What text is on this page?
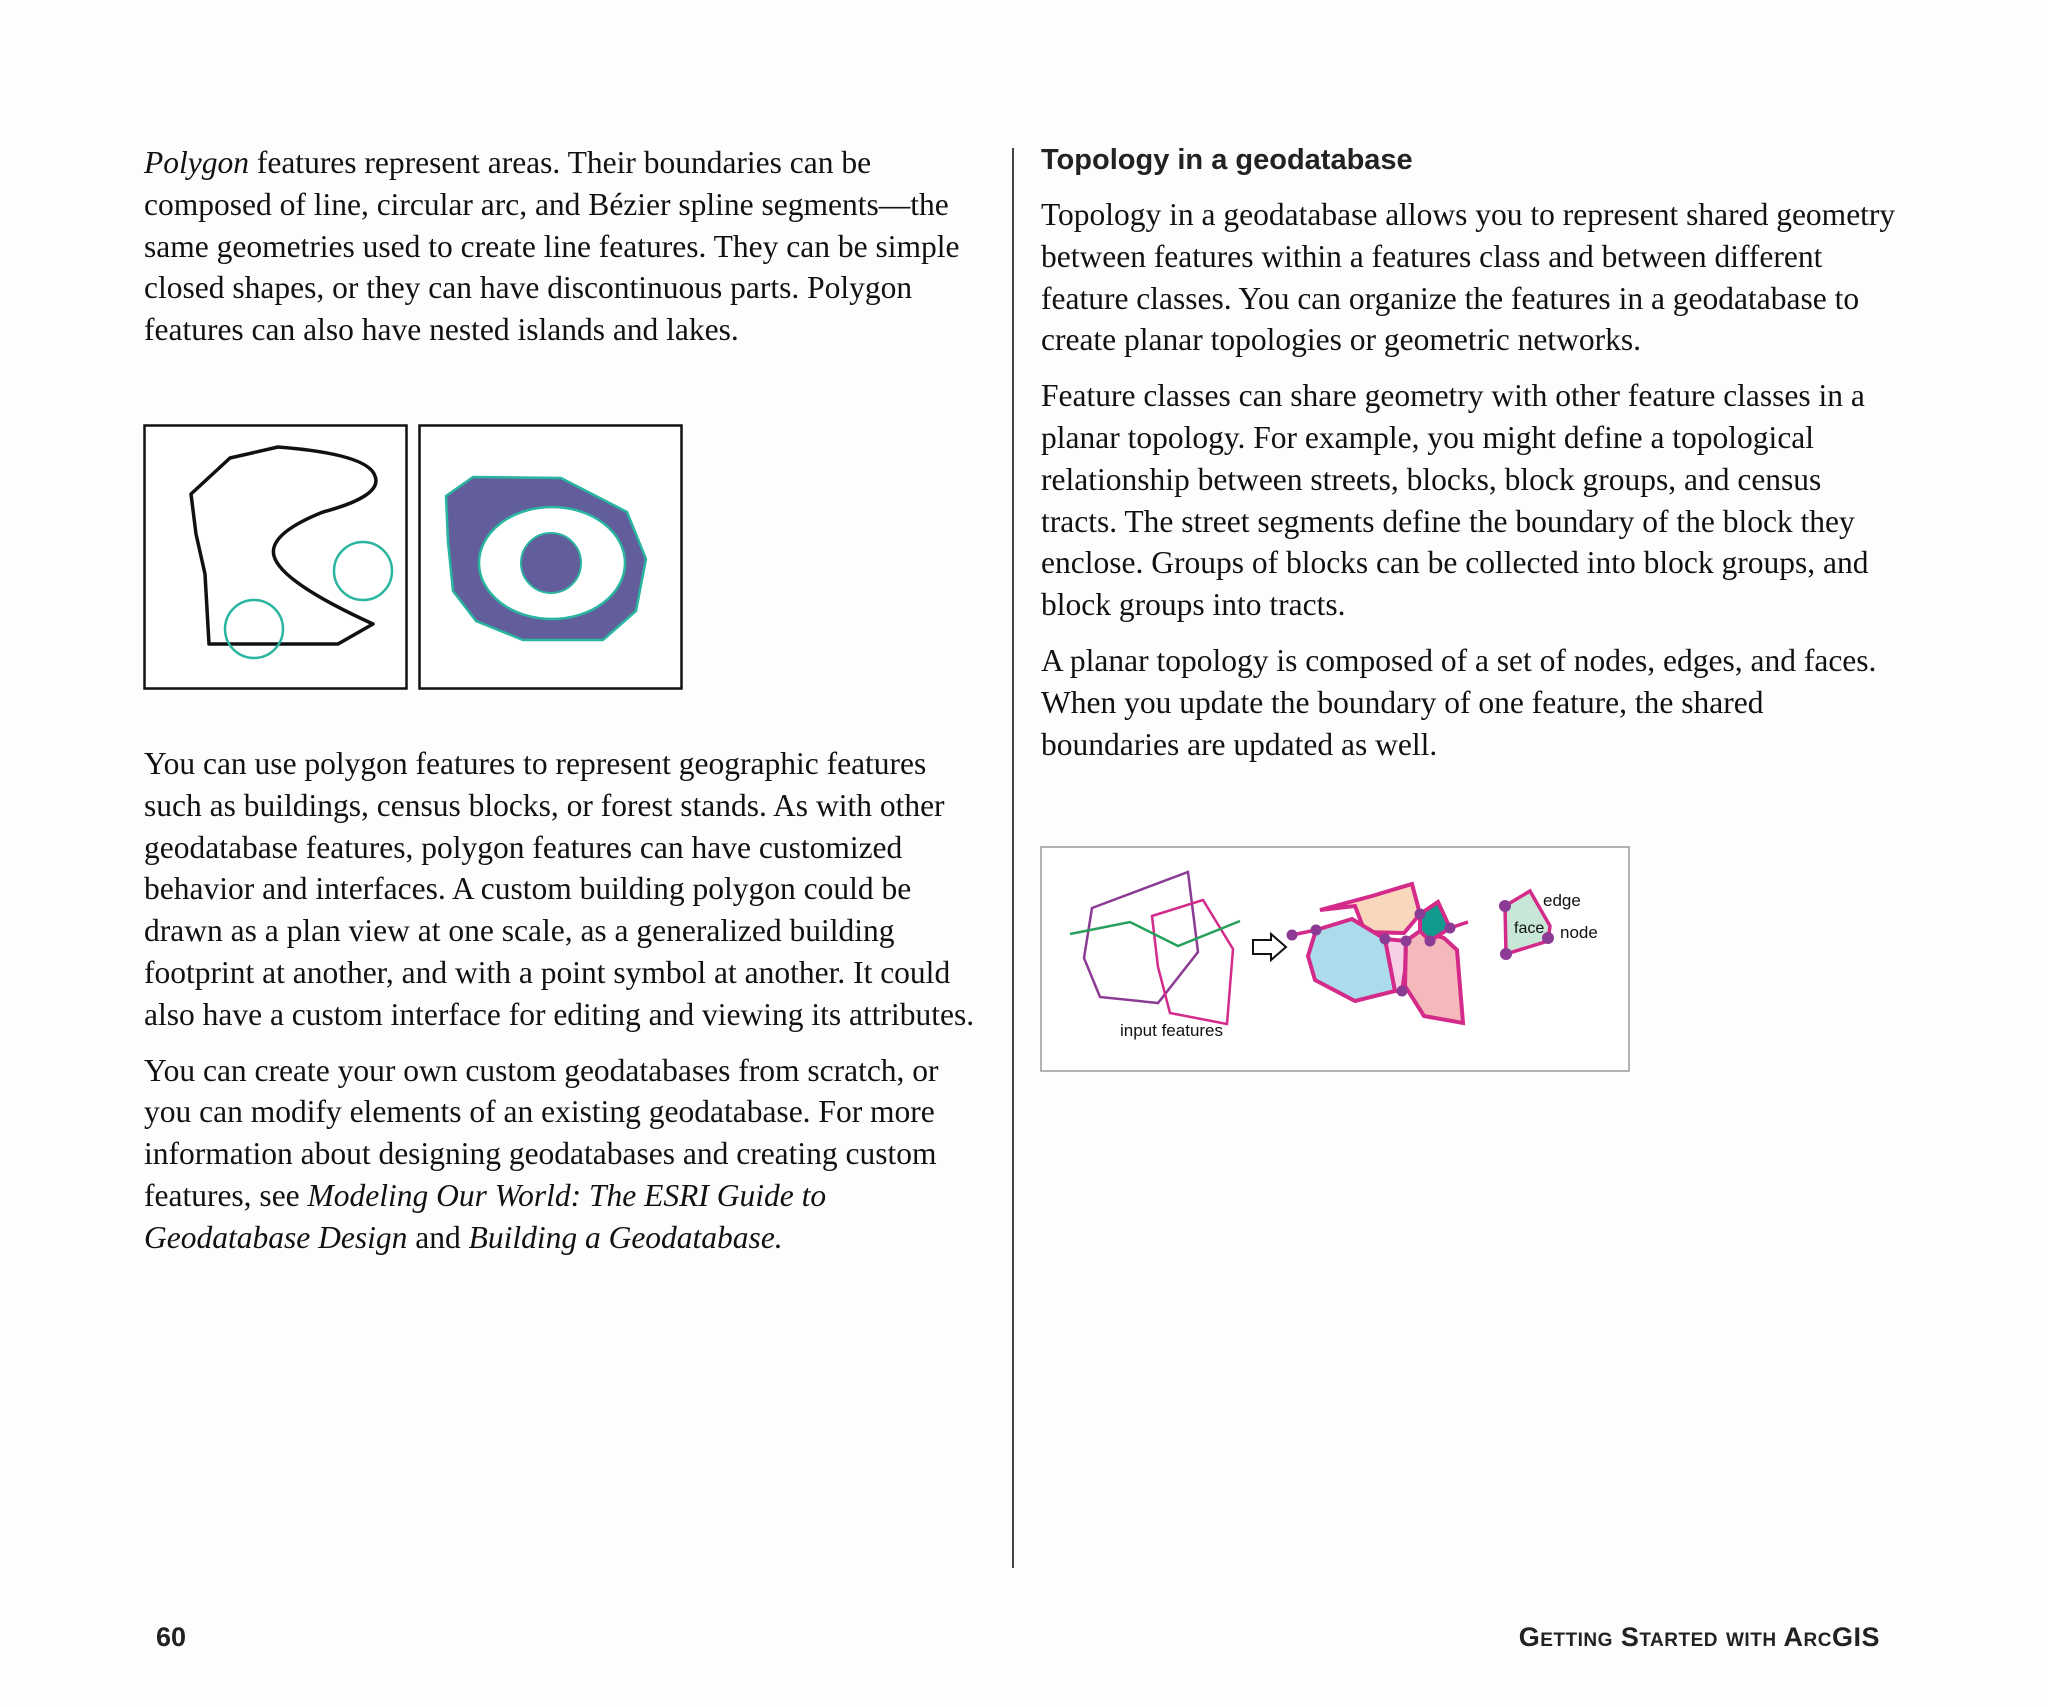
Polygon features represent areas. Their boundaries can be composed of line, circular arc, and Bézier spline segments—the same geometries used to create line features. They can be simple closed shapes, or they can have discontinuous parts. Polygon features can also have nested islands and lakes.

You can use polygon features to represent geographic features such as buildings, census blocks, or forest stands. As with other geodatabase features, polygon features can have customized behavior and interfaces. A custom building polygon could be drawn as a plan view at one scale, as a generalized building footprint at another, and with a point symbol at another. It could also have a custom interface for editing and viewing its attributes.

You can create your own custom geodatabases from scratch, or you can modify elements of an existing geodatabase. For more information about designing geodatabases and creating custom features, see Modeling Our World: The ESRI Guide to Geodatabase Design and Building a Geodatabase.

Topology in a geodatabase

Topology in a geodatabase allows you to represent shared geometry between features within a features class and between different feature classes. You can organize the features in a geodatabase to create planar topologies or geometric networks.

Feature classes can share geometry with other feature classes in a planar topology. For example, you might define a topological relationship between streets, blocks, block groups, and census tracts. The street segments define the boundary of the block they enclose. Groups of blocks can be collected into block groups, and block groups into tracts.

A planar topology is composed of a set of nodes, edges, and faces. When you update the boundary of one feature, the shared boundaries are updated as well.

input features
edge
face node
60	Getting Started with ArcGIS
